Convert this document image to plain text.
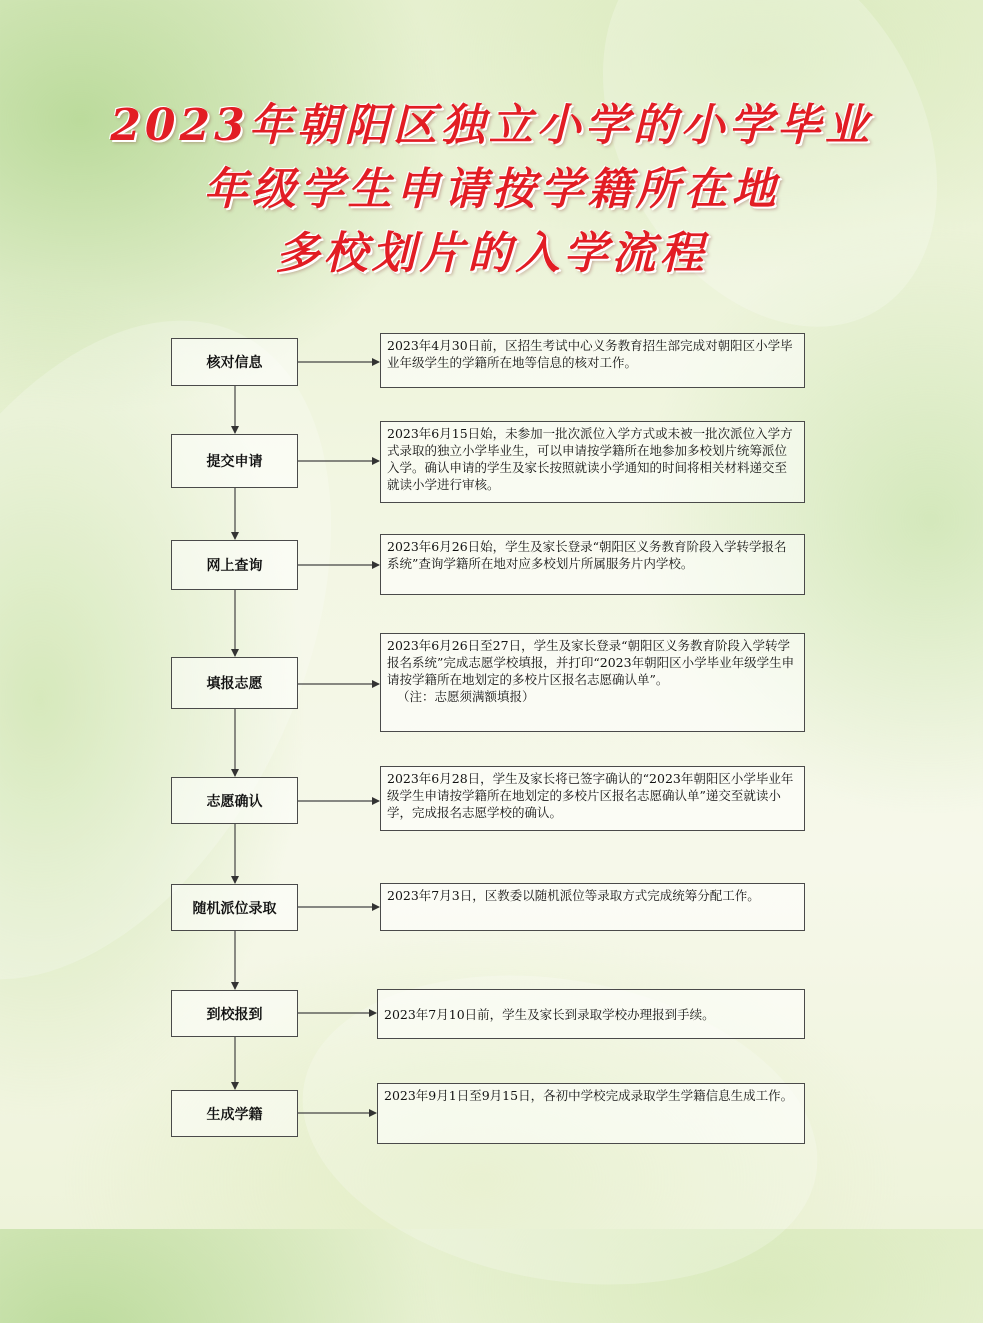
2023年朝阳区独立小学的小学毕业
年级学生申请按学籍所在地
多校划片的入学流程
核对信息

2023年4月30日前，区招生考试中心义务教育招生部完成对朝阳区小学毕业年级学生的学籍所在地等信息的核对工作。

提交申请

2023年6月15日始，未参加一批次派位入学方式或未被一批次派位入学方式录取的独立小学毕业生，可以申请按学籍所在地参加多校划片统筹派位入学。确认申请的学生及家长按照就读小学通知的时间将相关材料递交至就读小学进行审核。

网上查询

2023年6月26日始，学生及家长登录“朝阳区义务教育阶段入学转学报名系统”查询学籍所在地对应多校划片所属服务片内学校。

填报志愿

2023年6月26日至27日，学生及家长登录“朝阳区义务教育阶段入学转学报名系统”完成志愿学校填报，并打印“2023年朝阳区小学毕业年级学生申请按学籍所在地划定的多校片区报名志愿确认单”。

（注：志愿须满额填报）

志愿确认

2023年6月28日，学生及家长将已签字确认的“2023年朝阳区小学毕业年级学生申请按学籍所在地划定的多校片区报名志愿确认单”递交至就读小学，完成报名志愿学校的确认。

随机派位录取

2023年7月3日，区教委以随机派位等录取方式完成统筹分配工作。

到校报到	2023年7月10日前，学生及家长到录取学校办理报到手续。

生成学籍

2023年9月1日至9月15日，各初中学校完成录取学生学籍信息生成工作。
